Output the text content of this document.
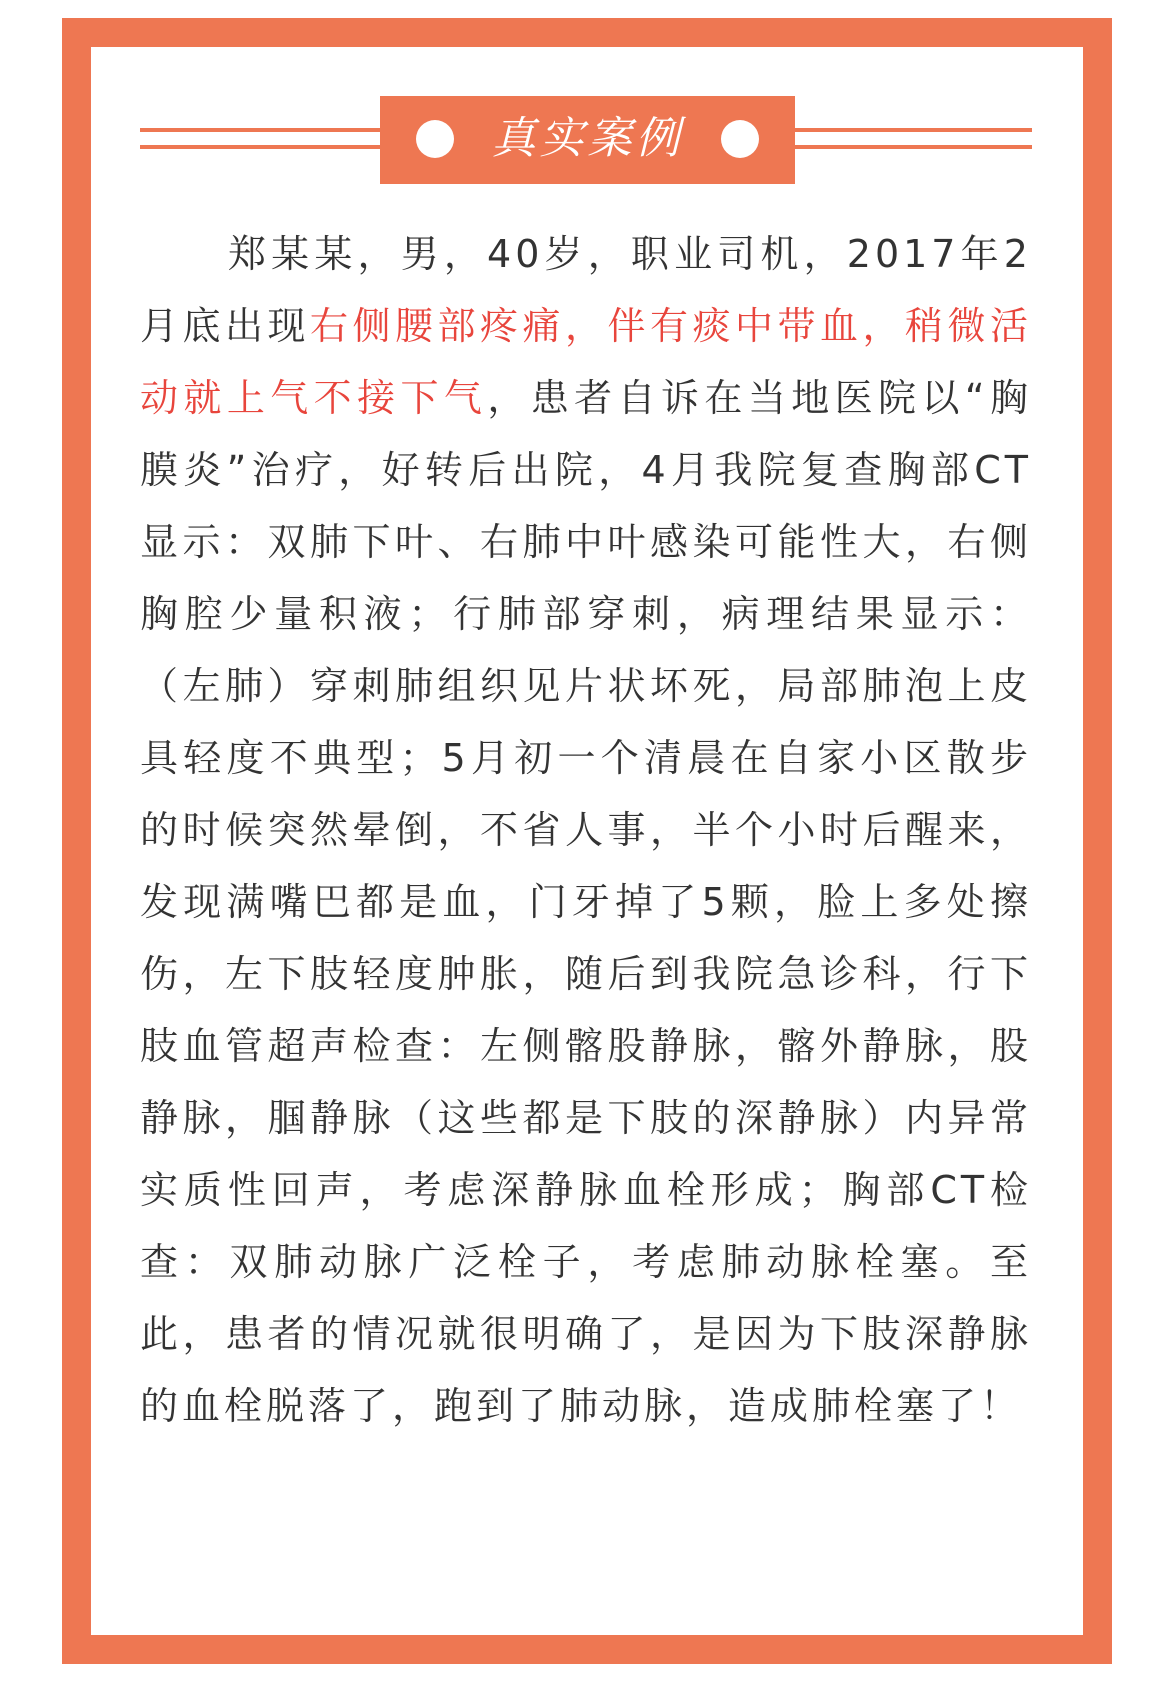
真实案例

郑某某，男，40岁，职业司机，2017年2月底出现右侧腰部疼痛，伴有痰中带血，稍微活动就上气不接下气，患者自诉在当地医院以“胸膜炎”治疗，好转后出院，4月我院复查胸部CT显示：双肺下叶、右肺中叶感染可能性大，右侧胸腔少量积液；行肺部穿刺，病理结果显示：（左肺）穿刺肺组织见片状坏死，局部肺泡上皮具轻度不典型；5月初一个清晨在自家小区散步的时候突然晕倒，不省人事，半个小时后醒来，发现满嘴巴都是血，门牙掉了5颗，脸上多处擦伤，左下肢轻度肿胀，随后到我院急诊科，行下肢血管超声检查：左侧髂股静脉，髂外静脉，股静脉，腘静脉（这些都是下肢的深静脉）内异常实质性回声，考虑深静脉血栓形成；胸部CT检查：双肺动脉广泛栓子，考虑肺动脉栓塞。至此，患者的情况就很明确了，是因为下肢深静脉的血栓脱落了，跑到了肺动脉，造成肺栓塞了！
